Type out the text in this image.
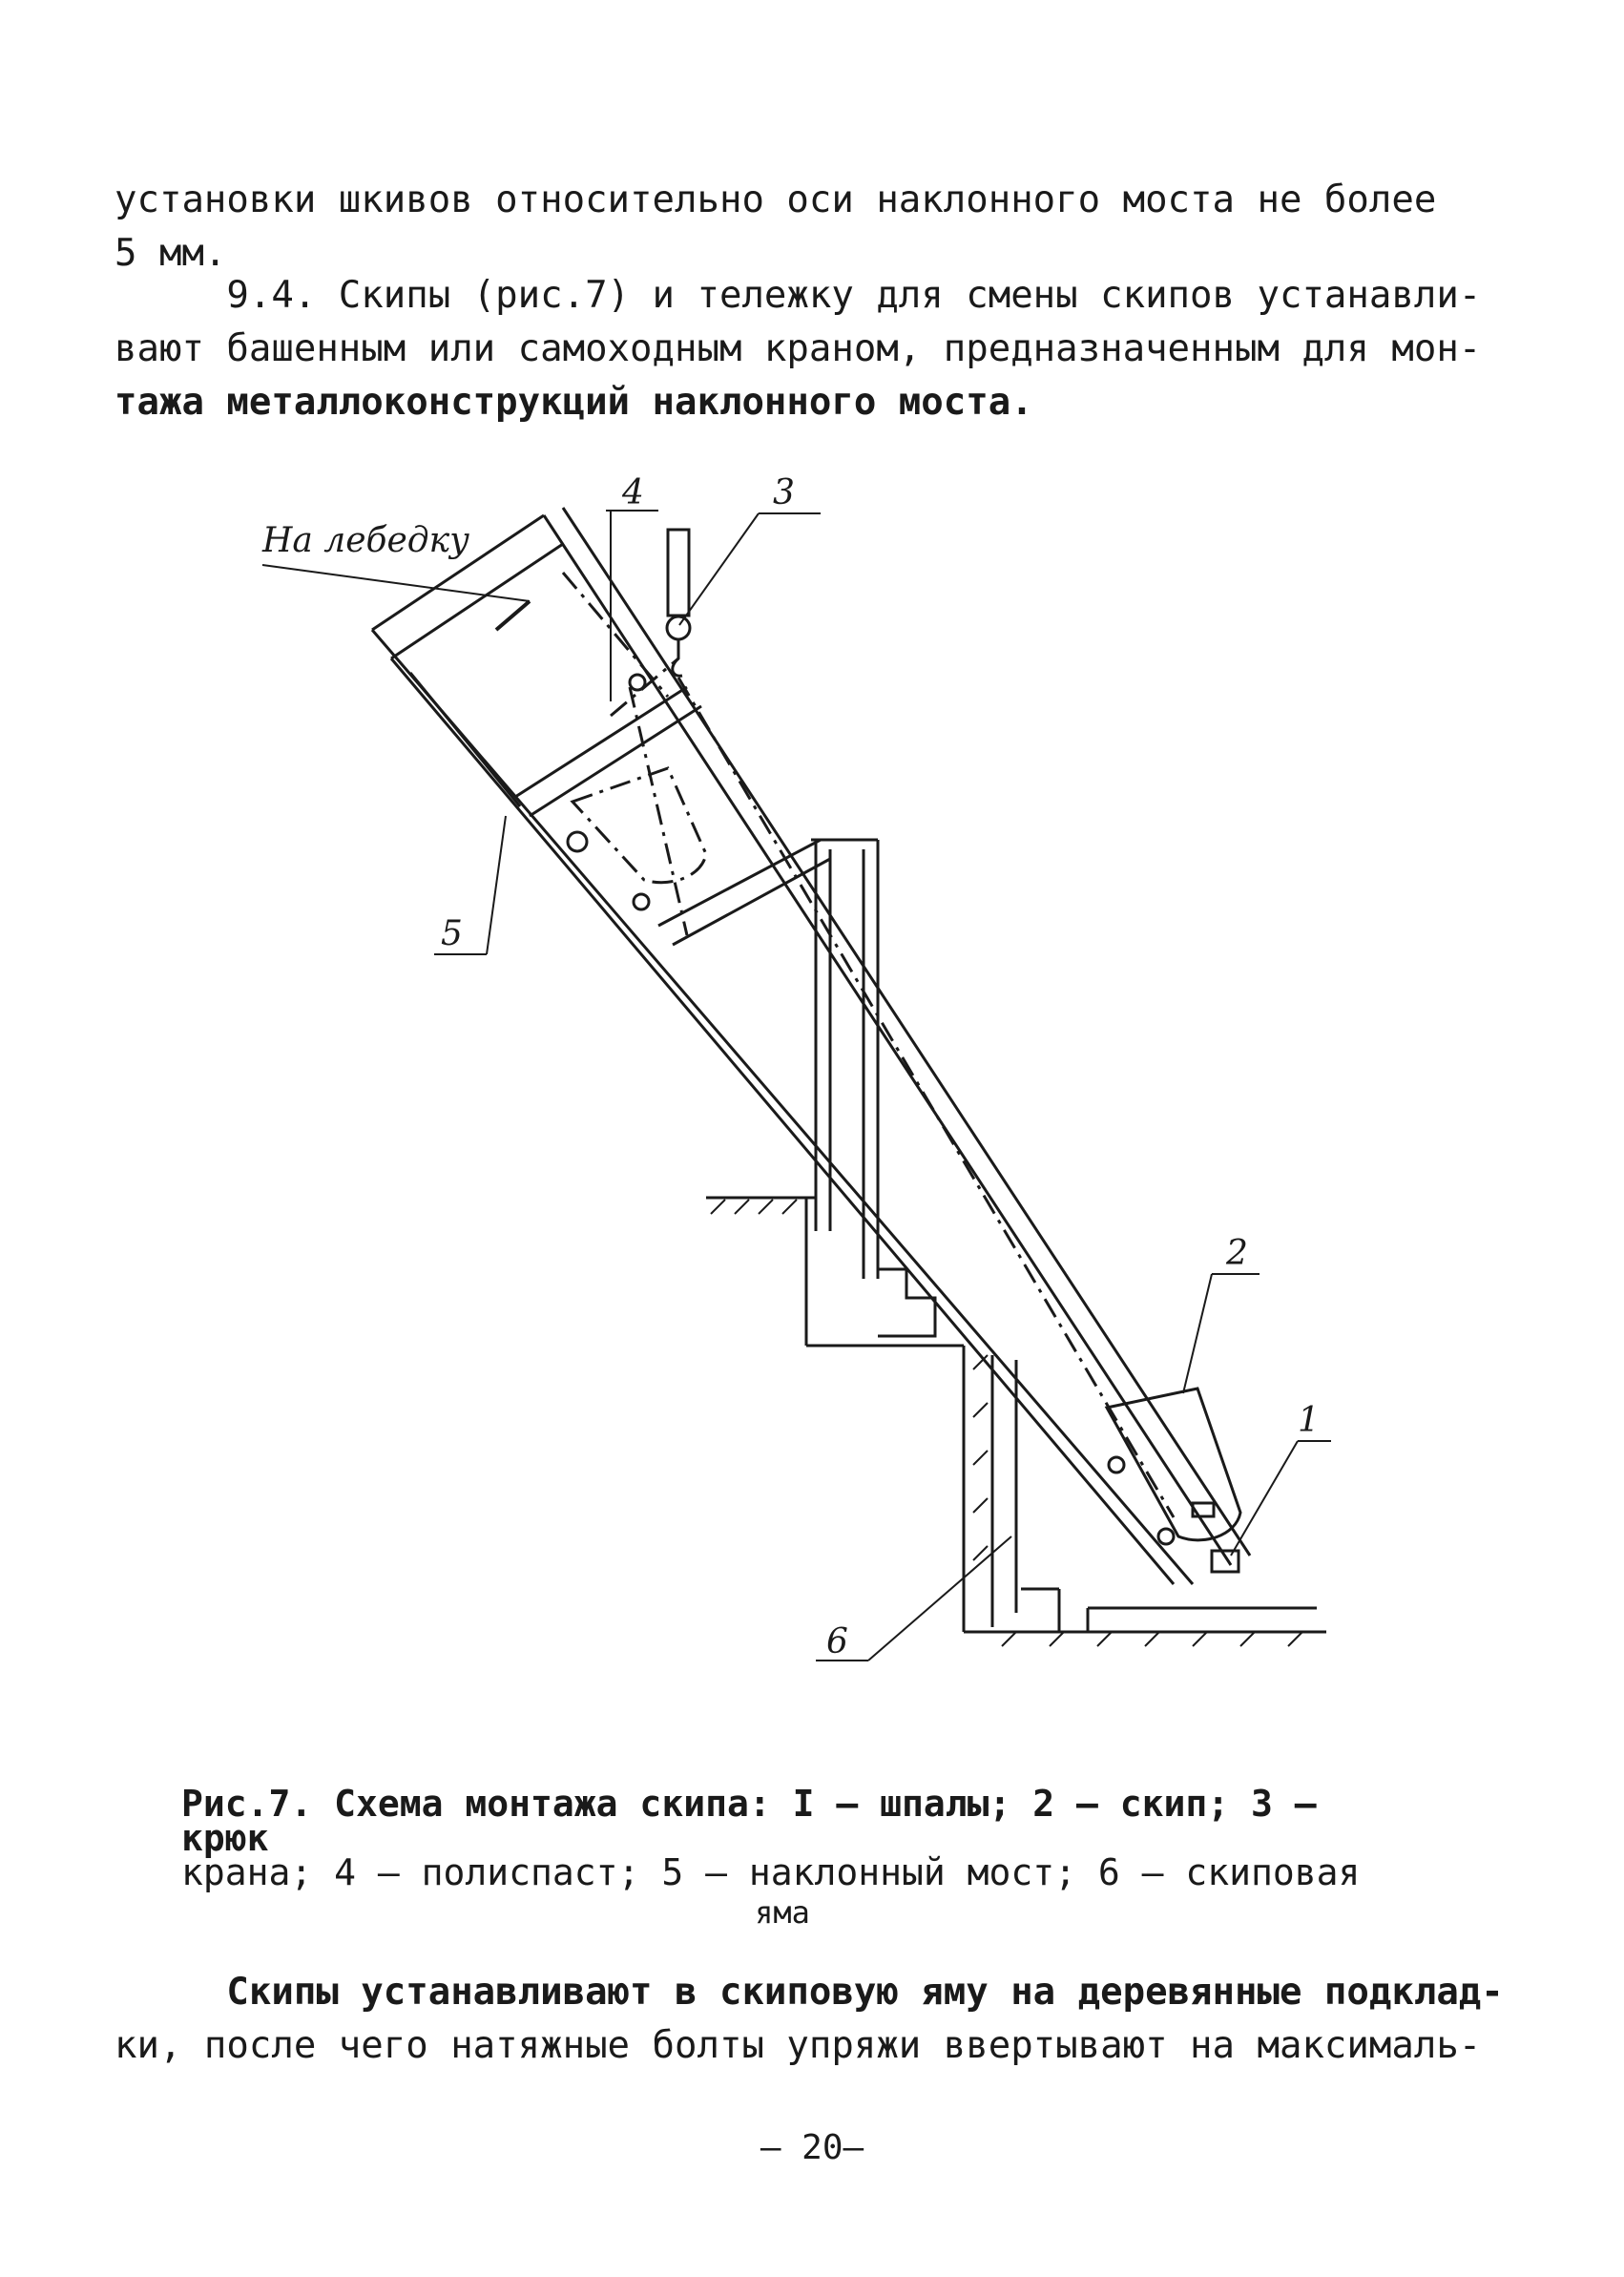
установки шкивов относительно оси наклонного моста не более
5 мм.
9.4. Скипы (рис.7) и тележку для смены скипов устанавли-
вают башенным или самоходным краном, предназначенным для мон-
тажа металлоконструкций наклонного моста.
На лебедку
1
2
3
4
5
6
Рис.7. Схема монтажа скипа: I – шпалы; 2 – скип; 3 – крюк
крана; 4 – полиспаст; 5 – наклонный мост; 6 – скиповая
яма
Скипы устанавливают в скиповую яму на деревянные подклад-
ки, после чего натяжные болты упряжи ввертывают на максималь-
– 20–
